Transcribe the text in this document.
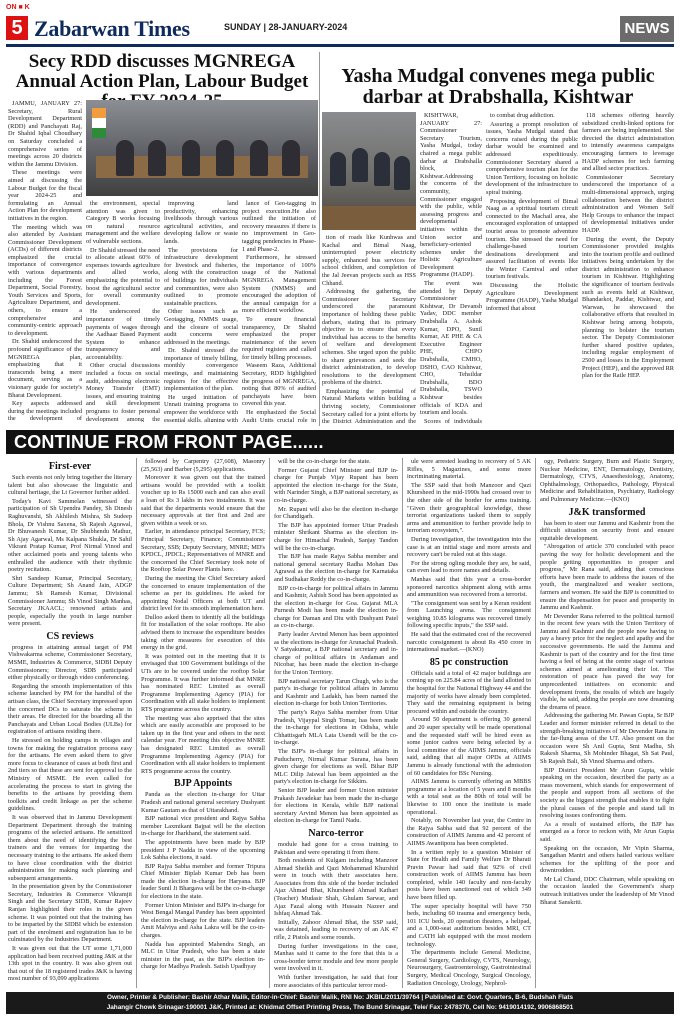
ON ■ K
5 Zabarwan Times	SUNDAY | 28-JANUARY-2024	NEWS
Secy RDD discusses MGNREGA Annual Action Plan, Labour Budget

JAMMU, JANUARY 27: Secretary, Rural Development Department (RDD) and Panchayati Raj, Dr Shahid Iqbal Choudhary on Saturday concluded a comprehensive series of meetings across 20 districts within the Jammu Division.

These meetings were aimed at discussing the Labour Budget for the fiscal year 2024-25 and formulating an Annual Action Plan for development initiatives in the region.

The meeting which was also attended by Assistant Commissioner Development (ACDs) of different districts emphasized the crucial importance of convergence with various departments including the Forest Department, Social Forestry, Youth Services and Sports, Agriculture Department, and others, to ensure a comprehensive and community-centric approach to development.

Dr. Shahid underscored the profound significance of the MGNREGA plan, emphasizing that it transcends being a mere document, serving as a visionary guide for society's Bharat Development.

Key aspects addressed during the meetings included the development of

the environment, special attention was given to Category B works focusing on natural resource management and the welfare of vulnerable sections.

Dr Shahid stressed the need to allocate atleast 60% of expenses towards agriculture and allied works, emphasizing the potential to boost the agricultural sector for overall community development.

He underscored the importance of timely payments of wages through the Aadhaar Based Payment System to enhance transparency and accountability.

Other crucial discussions included a focus on social audit, addressing electronic Money Transfer (EMT) issues, and ensuring training and skill development programs to foster personal development among the

improving land productivity, enhancing livelihoods through various agricultural activities, and developing fallow or waste lands.

The provisions for infrastructure development for livestock and fisheries, along with the construction of buildings for individuals and communities, were also outlined to promote sustainable practices.

Other issues such as Geotagging, NMMS usage, and the closure of social audit concerns were addressed in the meetings.

Dr. Shahid stressed the importance of timely billing, monthly convergence meetings, and maintaining registers for the effective implementation of the plan.

He urged initiation of Unnati training programs to empower the workforce with essential skills, aligning with

lance of Geo-tagging in project execution.He also outlined the initiation of recovery measures if there is no improvement in Geo-tagging pendencies in Phase-1 and Phase-2.

Furthermore, he stressed the importance of 100% usage of the National MGNREGA Management System (NMMS) and encouraged the adoption of the annual campaign for a more efficient workflow.

To ensure financial transparency, Dr Shahid emphasized the proper maintenance of the seven required registers and called for timely billing processes.

Waseem Raza, Additional Secretary, RDD highlighted the progress of MGNREGA, noting that 80% of audited panchayats have been covered this year.

He emphasized the Social Audit Units crucial role in

Yasha Mudgal convenes mega public darbar at Drabshalla, Kishtwar

KISHTWAR, JANUARY 27: Commissioner Secretary Tourism, Yasha Mudgal, today chaired a mega public darbar at Drabshalla block, Kishtwar.Addressing the concerns of the community, Commissioner engaged with the public, while assessing progress and developmental initiatives within the Union sector and beneficiary-oriented schemes under the Holistic Agriculture Development Programme (HADP).

The event was attended by Deputy Commissioner Kishtwar, Dr Devansh Yadav, DDC member Drabshalla A. Ashok Kumar, DPO, Sunil Kumar, AE PHE & CA Executive Engineer PHE, CHPO Drabshalla, CMHO, DSHO, CAO Kishtwar, CHO, Tehsildar Drabshalla, BDO Drabshalla, TSWO Kishtwar besides officials of KDA and tourism and locals.

Scores of individuals

tion of roads like Kunhwas and Kachal and Bimal Naag, uninterrupted power electricity supply, enhanced bus services for school children, and completion of the Jal Jeevan projects such as HSS Chhand.

Addressing the gathering, the Commissioner Secretary underscored the paramount importance of holding these public darbars, stating that its primary objective is to ensure that every individual has access to the benefits of welfare and development schemes. She urged upon the public to share grievances and seek the district administration, to develop resolutions to the development problems of the district.

Emphasizing the potential of Natural Markets within building a thriving society, Commissioner Secretary called for a joint efforts by the District Administration and the

to combat drug addiction.

Assuring a prompt resolution of issues, Yasha Mudgal stated that concerns raised during the public darbar would be examined and addressed expeditiously. Commissioner Secretary shared a comprehensive tourism plan for the Union Territory, focusing on holistic development of the infrastructure to spiral training.

Proposing development of Bimal Naag as a spiritual tourism circuit connected to the Machail area, she encouraged exploration of untapped tourist areas to promote adventure tourism. She stressed the need for challenge-based tourism destinations development and assured facilitation of events like the Winter Carnival and other tourism festivals.

Discussing the Holistic Agriculture Development Programme (HADP), Yasha Mudgal informed that about

118 schemes offering heavily subsidized credit-linked options for farmers are being implemented. She directed the district administration to intensify awareness campaigns encouraging farmers to leverage HADP schemes for tech farming and allied sector practices.

Commissioner Secretary underscored the importance of a multi-dimensional approach, urging collaboration between the district administration and Women Self Help Groups to enhance the impact of developmental initiatives under HADP.

During the event, the Deputy Commissioner provided insights into the tourism profile and outlined initiatives being undertaken by the district administration to enhance tourism in Kishtwar. Highlighting the significance of tourism festivals such as events held at Kishtwar, Bhandarkot, Paddar, Kishtwar, and Warwan, he showcased the collaborative efforts that resulted in Kishtwar being among hotspots, planning to bolster the tourism sector. The Deputy Commissioner further shared positive updates, including regular employment of 2500 and losses in the Employment Project (HEP), and the approved RR plan for the Ratle HEP.

CONTINUE FROM FRONT PAGE......
First-ever

Such events not only bring together the literary talent but also showcase the linguistic and cultural heritage, the Lt Governor further added.

Today's Kavi Sammelan witnessed the participation of Sh Upendra Pandey, Sh Dinesh Raghuvanshi, Sh Akhilesh Mishra, Sh Sudeep Bhola, Dr Vishnu Saxena, Sh Rajesh Agrawal, Dr Bhuvanesh Kumar, Dr Shubhendu Mathur, Sh Ajay Agarwal, Ms Kalpana Shukla, Dr Sahil Vikrant Pratap Kumar, Prof Nirmal Vinod and other acclaimed poets and young talents who enthralled the audience with their rhythmic poetry recitation.

Shri Sandeep Kumar, Principal Secretary, Culture Department; Sh Anand Jain, ADGP Jammu; Sh Ramesh Kumar, Divisional Commissioner Jammu; Sh Vinod Singh Manhas, Secretary JKAACL; renowned artists and people, especially the youth in large number were present.

CS reviews

progress in attaining annual target of PM Vishwakarma scheme, Commissioner Secretary, MSME, Industries & Commerce, SIDBI Deputy Commissioners; Director, SDB participated either physically or through video conferencing.

Regarding the smooth implementation of this scheme launched by PM for the handful of the artisan class, the Chief Secretary impressed upon the concerned DCs to saturate the scheme in their areas. He directed for the boarding all the Panchayats and Urban Local Bodies (ULBs) for registration of artisans residing there.

He stressed on holding camps in villages and towns for making the registration process easy for the artisans. He even asked them to give more focus to clearance of cases at both first and 2nd tiers so that these are sent for approval to the Ministry of MSME. He even called for accelerating the process to start in giving the benefits to the artisans by providing them toolkits and credit linkage as per the scheme guidelines.

It was observed that in Jammu Development Department Department through the training programs of the selected artisans. He sensitized them about the need of identifying the best trainers and the venues for imparting the necessary training to the artisans. He asked them to have close coordination with the district administration for making such planning and subsequent arrangements.

In the presentation given by the Commissioner Secretary, Industries & Commerce Vikramjit Singh and the Secretary SIDB, Kumar Rajeev Ranjan highlighted their roles in the given scheme. It was pointed out that the training has to be imparted by the SIDBI which be extension part of the enrolment and registration has to be culminated by the Industries Department.

It was given out that the UT some 1,71,000 application had been received putting J&K at the 13th spot in the country. It was also given out that out of the 18 registered trades J&K is having most number of 93,099 applications

followed by Carpentry (27,608), Masonry (25,563) and Barber (5,295) applications.

Moreover it was given out that the trained artisans would be provided with a toolkit voucher up to Rs 15000 each and can also avail a loan of Rs 3 lakhs in two instalments. It was said that the departments would ensure that the necessary approvals at tier first and 2nd are given within a week or so.

Earlier, in attendance principal Secretary, FCS; Principal Secretary, Finance; Commissioner Secretary, SSB; Deputy Secretary, MNRE; MD's KPDCL, JPDCL; Representatives of MNRE and the concerned the Chief Secretary took note of the Rooftop Solar Power Plants here.

During the meeting the Chief Secretary asked the concerned to ensure implementation of the scheme as per its guidelines. He asked for appointing Nodal Officers at both UT and district level for its smooth implementation here.

Dulloo asked them to identify all the buildings fit for installation of the solar rooftops. He also advised them to increase the expenditure besides taking other measures for execution of this energy in the grid.

It was pointed out in the meeting that it is envisaged that 100 Government buildings of the UTs are to be covered under the rooftop Solar Programme. It was further informed that MNRE has nominated REC Limited as overall Programme Implementing Agency (PIA) for Coordination with all stake holders to implement RTS programme across the country.

The meeting was also apprised that the sites which are easily accessible are proposed to be taken up in the first year and others in the next calendar year. For meeting this objective MNRE has designated REC Limited as overall Programme Implementing Agency (PIA) for Coordination with all stake holders to implement RTS programme across the country.

BJP Appoints

Panda as the election in-charge for Uttar Pradesh and national general secretary Dushyant Kumar Gautam as that of Uttarakhand.

BJP national vice president and Rajya Sabha member Laxmikant Bajpai will be the election in-charge for Jharkhand, the statement said.

The appointments have been made by BJP president J P Nadda in view of the upcoming Lok Sabha elections, it said.

BJP Rajya Sabha member and former Tripura Chief Minister Biplab Kumar Deb has been made the election in-charge for Haryana. BJP leader Sunil Ji Bhargava will be the co-in-charge for elections in the state.

Former Union Minister and BJP's in-charge for West Bengal Mangal Pandey has been appointed the election in-charge for the state. BJP leaders Amit Malviya and Asha Lakra will be the co-in-charges.

Nadda has appointed Mahendra Singh, an MLC in Uttar Pradesh, who has been a state minister in the past, as the BJP's election in-charge for Madhya Pradesh. Satish Upadhyay

will be the co-in-charge for the state.

Former Gujarat Chief Minister and BJP in-charge for Punjab Vijay Rupani has been appointed the election in-charge for the State, with Narinder Singh, a BJP national secretary, as co-in-charge.

Mr. Rupani will also be the election in-charge for Chandigarh.

The BJP has appointed former Uttar Pradesh minister Shrikant Sharma as the election in-charge for Himachal Pradesh, Sanjay Tandon will be the co-in-charge.

The BJP has made Rajya Sabha member and national general secretary Radha Mohan Das Agrawal as the election in-charge for Karnataka and Sudhakar Reddy the co-in-charge.

BJP co-in-charge for political affairs in Jammu and Kashmir, Ashish Sood has been appointed as the election in-charge for Goa. Gujarat MLA Purnesh Modi has been made the election in-charge for Daman and Diu with Dushyant Patel as co-in-charge.

Party leader Arvind Menon has been appointed as the elections in-charge for Arunachal Pradesh. V Satyakumar, a BJP national secretary and in-charge of political affairs in Andaman and Nicobar, has been made the election in-charge for the Union Territory.

BJP national secretary Tarun Chugh, who is the party's in-charge for political affairs in Jammu and Kashmir and Ladakh, has been named the election in-charge for both Union Territories.

The party's Rajya Sabha member from Uttar Pradesh, Vijaypal Singh Tomar, has been made the in-charge for elections in Odisha, while Chhattisgarh MLA Lata Usendi will be the co-in-charge.

The BJP's in-charge for political affairs in Puducherry, Nirmal Kumar Surana, has been given charge for elections as well. Bihar BJP MLC Dilip Jaiswal has been appointed as the party's election in-charge for Sikkim.

Senior BJP leader and former Union minister Prakash Javadekar has been made the in-charge for elections in Kerala, while BJP national secretary Arvind Menon has been appointed as election in-charge for Tamil Nadu.

Narco-terror

module had gone for a cross training to Pakistan and were operating it from there.

Both residents of Kulgam including Manzoor Ahmad Sheikh and Qazi Mohammad Khurshid were in touch with their associates here. Associates from this side of the border included Ajaz Ahmad Bhat, Khursheed Ahmad Kathari (Teacher) Mudasir Shah, Ghulam Sarwar, and Ajaz Fazal along with Hussain Nazeer and Ishfaq Ahmad Tak.

Initially, Zahoor Ahmad Bhat, the SSP said, was detained, leading to recovery of an AK 47 rifle, 2 Pistols and some rounds.

During further investigations in the case, Manhas said it came to the fore that this is a cross-border terror module and few more people were involved in it.

With further investigation, he said that four more associates of this particular terror mod-

ule were arrested leading to recovery of 5 AK Rifles, 5 Magazines, and some more incriminating material.

The SSP said that both Manzoor and Qazi Khursheed in the mid-1990s had crossed over to the other side of the border for arms training. "Given their geographical knowledge, these terrorist organizations tasked them to supply arms and ammunition to further provide help to terrorism ecosystem,".

During investigation, the investigation into the case is at an initial stage and more arrests and recovery can't be ruled out at this stage.

For the strong ogling module they are, he said, can even lead to more names and details.

Manhas said that this year a cross-border sponsored narcotics shipment along with arms and ammunition was recovered from a terrorist.

"The consignment was sent by a Keran resident from Launching arena. The consignment weighing 10.85 kilograms was recovered timely following specific inputs," the SSP said.

He said that the estimated cost of the recovered narcotic consignment is about Rs 450 crore in international market.—(KNO)

85 pc construction

Officials said a total of 42 major buildings are coming up on 225.84 acres of the land allotted to the hospital for the National Highway 44 and the majority of works have already been completed. They said the remaining equipment is being procured within and outside the country.

Around 50 department is offering 30 general and 20 super specialty will be made operational and the requested staff will be hired even as some junior cadres were being selected by a local committee of the AIIMS Jammu, officials said, adding that all major OPDs at AIIMS Jammu is already functional with the admission of 60 candidates for BSc Nursing.

AIIMS Jammu is currently offering an MBBS programme at a location of 5 years and 8 months with a total seat as the 80th of total will be likewise to 100 once the institute is made operational.

Notably, on November last year, the Centre in the Rajya Sabha said that 92 percent of the construction of AIIMS Jammu and 42 percent of AIIMS Awantipora has been completed.

In a written reply to a question Minister of State for Health and Family Welfare Dr Bharati Pravin Pawar had said that 92% of civil construction work of AIIMS Jammu has been completed, while 140 faculty and non-faculty posts have been sanctioned out of which 349 have been filled up.

The super specialty hospital will have 750 beds, including 60 trauma and emergency beds, 101 ICU beds, 20 operation theaters, a helipad, and a 1,000-seat auditorium besides MRI, CT and CATH lab equipped with the most modern technology.

The departments include General Medicine, General Surgery, Cardiology, CVTS, Neurology, Neurosurgery, Gastroenterology, Gastrointestinal Surgery, Medical Oncology, Surgical Oncology, Radiation Oncology, Urology, Nephrol-

ogy, Pediatric Surgery, Burn and Plastic Surgery, Nuclear Medicine, ENT, Dermatology, Dentistry, Dermatology, CTVS, Anaesthesiology, Anatomy, Ophthalmology, Orthopaedics, Pathology, Physical Medicine and Rehabilitation, Psychiatry, Radiology and Pulmonary Medicine.—(KNO)

J&K transformed

has been to steer our Jammu and Kashmir from the difficult situation on security front and ensure equitable development.

"Abrogation of article 370 concluded with peace paving the way for holistic development and the people getting opportunities to prosper and progress," Mr Rana said, adding that conscious efforts have been made to address the issues of the youth, the marginalized and weaker sections, farmers and women. He said the BJP is committed to ensure the dispensation for peace and prosperity in Jammu and Kashmir.

Mr Devender Rana referred to the political turmoil in the recent few years with the Union Territory of Jammu and Kashmir and the people now having to pay a heavy price for the neglect and apathy and the successive governments. He said the Jammu and Kashmir is part of the country and for the first time having a feel of being at the centre stage of various schemes aimed at ameliorating their lot. The restoration of peace has paved the way for unprecedented initiatives on economic and development fronts, the results of which are hugely visible, he said, adding the people are now dreaming the dreams of peace.

Addressing the gathering Mr. Pawan Gupta, Sr BJP Leader and former minister referred in detail to the strength-breaking initiatives of Mr Devender Rana in the far-flung areas of the UT. Also present on the occasion were Sh Anil Gupta, Smt Madhu, Sh Rakesh Sharma, Sh Mohinder Bhagat, Sh Sat Paul, Sh Rajesh Bali, Sh Vinod Sharma and others.

BJP District President Mr Arun Gupta, while speaking on the occasion, described the party as a mass movement, which stands for empowerment of the people and support from all sections of the society as the biggest strength that enables it to fight the plural causes of the people and stand tall in resolving issues confronting them.

As a result of sustained efforts, the BJP has emerged as a force to reckon with, Mr Arun Gupta said.

Speaking on the occasion, Mr Vipin Sharma, Sangathan Mantri and others hailed various welfare schemes for the uplifting of the poor and downtrodden.

Mr Lal Chand, DDC Chairman, while speaking on the occasion lauded the Government's sharp outreach initiatives under the leadership of Mr Vinod Bharat Sanskriti.

Owner, Printer & Publisher: Bashir Athar Malik, Editor-in-Chief: Bashir Malik, RNI No: JKBIL/2011/39764 | Published at: Govt. Quarters, B-6, Budshah Flats
Jahangir Chowk Srinagar-190001 J&K, Printed at: Khidmat Offset Printing Press, The Bund Srinagar, Tele/ Fax: 2478370, Cell No: 9419014192, 9906868501
